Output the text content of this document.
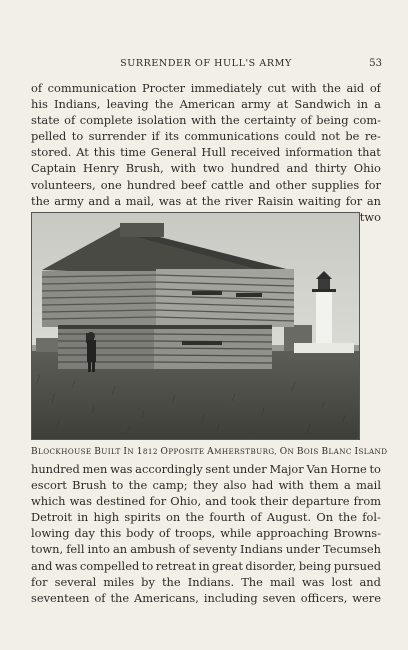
SURRENDER OF HULL'S ARMY	53
of communication Procter immediately cut with the aid of
his Indians, leaving the American army at Sandwich in a
state of complete isolation with the certainty of being com-
pelled to surrender if its communications could not be re-
stored. At this time General Hull received information that
Captain Henry Brush, with two hundred and thirty Ohio
volunteers, one hundred beef cattle and other supplies for
the army and a mail, was at the river Raisin waiting for an
two
BLOCKHOUSE BUILT IN 1812 OPPOSITE AMHERSTBURG, ON BOIS BLANC ISLAND
hundred men was accordingly sent under Major Van Horne to
escort Brush to the camp; they also had with them a mail
which was destined for Ohio, and took their departure from
Detroit in high spirits on the fourth of August. On the fol-
lowing day this body of troops, while approaching Browns-
town, fell into an ambush of seventy Indians under Tecumseh
and was compelled to retreat in great disorder, being pursued
for several miles by the Indians. The mail was lost and
seventeen of the Americans, including seven officers, were
